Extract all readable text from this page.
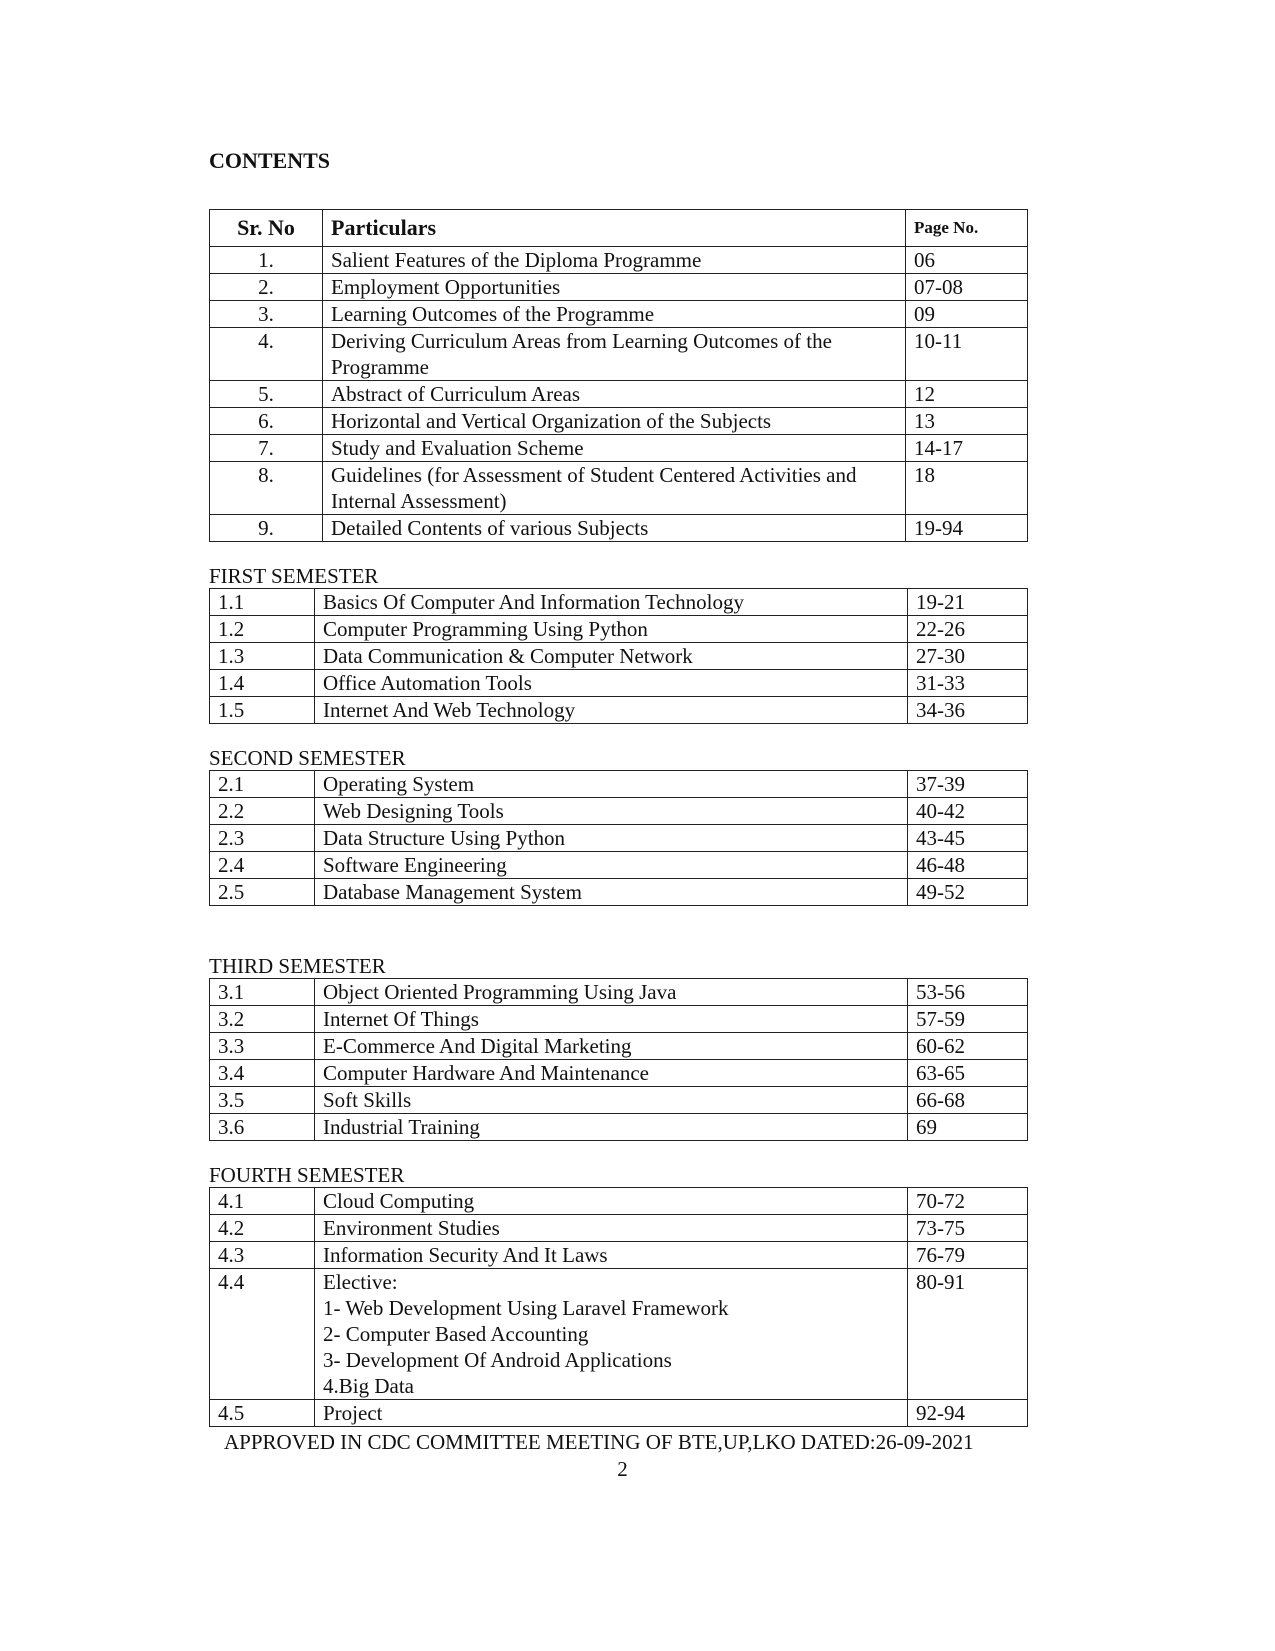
CONTENTS
Sr. No	Particulars	Page No.
1.	Salient Features of the Diploma Programme	06
2.	Employment Opportunities	07-08
3.	Learning Outcomes of the Programme	09
4.	Deriving Curriculum Areas from Learning Outcomes of the Programme	10-11
5.	Abstract of Curriculum Areas	12
6.	Horizontal and Vertical Organization of the Subjects	13
7.	Study and Evaluation Scheme	14-17
8.	Guidelines (for Assessment of Student Centered Activities and Internal Assessment)	18
9.	Detailed Contents of various Subjects	19-94

FIRST SEMESTER

1.1	Basics Of Computer And Information Technology	19-21
1.2	Computer Programming Using Python	22-26
1.3	Data Communication & Computer Network	27-30
1.4	Office Automation Tools	31-33
1.5	Internet And Web Technology	34-36

SECOND SEMESTER

2.1	Operating System	37-39
2.2	Web Designing Tools	40-42
2.3	Data Structure Using Python	43-45
2.4	Software Engineering	46-48
2.5	Database Management System	49-52

THIRD SEMESTER

3.1	Object Oriented Programming Using Java	53-56
3.2	Internet Of Things	57-59
3.3	E-Commerce And Digital Marketing	60-62
3.4	Computer Hardware And Maintenance	63-65
3.5	Soft Skills	66-68
3.6	Industrial Training	69

FOURTH SEMESTER

4.1	Cloud Computing	70-72
4.2	Environment Studies	73-75
4.3	Information Security And It Laws	76-79
4.4	Elective:
1- Web Development Using Laravel Framework
2- Computer Based Accounting
3- Development Of Android Applications
4.Big Data	80-91
4.5	Project	92-94
APPROVED IN CDC COMMITTEE MEETING OF BTE,UP,LKO DATED:26-09-2021
2
